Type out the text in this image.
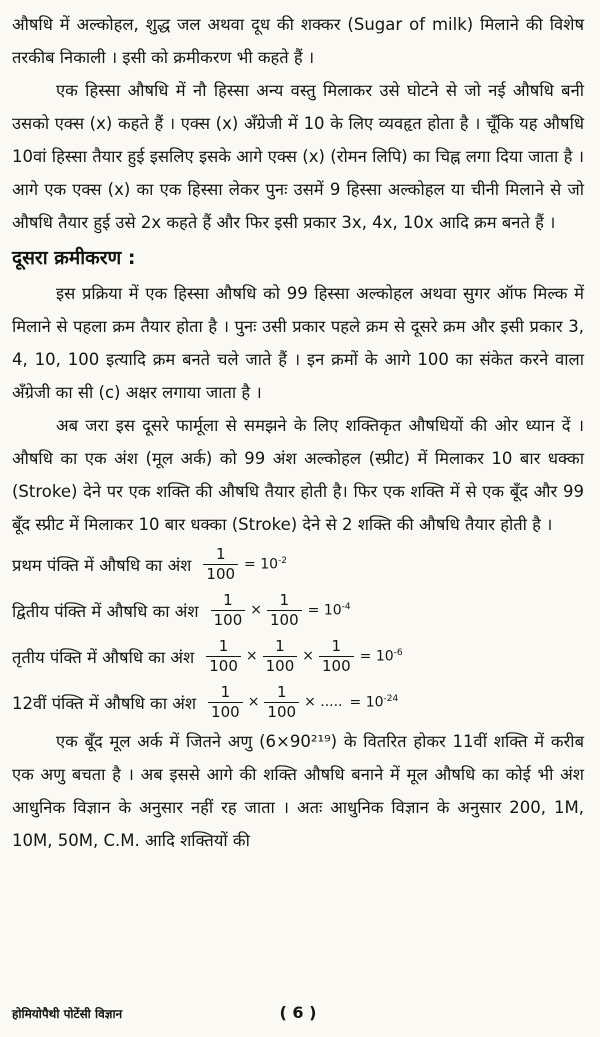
औषधि में अल्कोहल, शुद्ध जल अथवा दूध की शक्कर (Sugar of milk) मिलाने की विशेष तरकीब निकाली । इसी को क्रमीकरण भी कहते हैं ।

एक हिस्सा औषधि में नौ हिस्सा अन्य वस्तु मिलाकर उसे घोटने से जो नई औषधि बनी उसको एक्स (x) कहते हैं । एक्स (x) अँग्रेजी में 10 के लिए व्यवहृत होता है । चूँकि यह औषधि 10वां हिस्सा तैयार हुई इसलिए इसके आगे एक्स (x) (रोमन लिपि) का चिह्न लगा दिया जाता है । आगे एक एक्स (x) का एक हिस्सा लेकर पुनः उसमें 9 हिस्सा अल्कोहल या चीनी मिलाने से जो औषधि तैयार हुई उसे 2x कहते हैं और फिर इसी प्रकार 3x, 4x, 10x आदि क्रम बनते हैं ।

दूसरा क्रमीकरण :

इस प्रक्रिया में एक हिस्सा औषधि को 99 हिस्सा अल्कोहल अथवा सुगर ऑफ मिल्क में मिलाने से पहला क्रम तैयार होता है । पुनः उसी प्रकार पहले क्रम से दूसरे क्रम और इसी प्रकार 3, 4, 10, 100 इत्यादि क्रम बनते चले जाते हैं । इन क्रमों के आगे 100 का संकेत करने वाला अँग्रेजी का सी (c) अक्षर लगाया जाता है ।

अब जरा इस दूसरे फार्मूला से समझने के लिए शक्तिकृत औषधियों की ओर ध्यान दें । औषधि का एक अंश (मूल अर्क) को 99 अंश अल्कोहल (स्प्रीट) में मिलाकर 10 बार धक्का (Stroke) देने पर एक शक्ति की औषधि तैयार होती है। फिर एक शक्ति में से एक बूँद और 99 बूँद स्प्रीट में मिलाकर 10 बार धक्का (Stroke) देने से 2 शक्ति की औषधि तैयार होती है ।

प्रथम पंक्ति में औषधि का अंश $\frac{1}{100} = 10^{-2}$
द्वितीय पंक्ति में औषधि का अंश $\frac{1}{100} \times \frac{1}{100} = 10^{-4}$
तृतीय पंक्ति में औषधि का अंश $\frac{1}{100} \times \frac{1}{100} \times \frac{1}{100} = 10^{-6}$
12वीं पंक्ति में औषधि का अंश $\frac{1}{100} \times \frac{1}{100}$ × ..... = $10^{-24}$

एक बूँद मूल अर्क में जितने अणु (6×90²¹⁹) के वितरित होकर 11वीं शक्ति में करीब एक अणु बचता है । अब इससे आगे की शक्ति औषधि बनाने में मूल औषधि का कोई भी अंश आधुनिक विज्ञान के अनुसार नहीं रह जाता । अतः आधुनिक विज्ञान के अनुसार 200, 1M, 10M, 50M, C.M. आदि शक्तियों की

होमियोपैथी पोटेंसी विज्ञान	( 6 )
